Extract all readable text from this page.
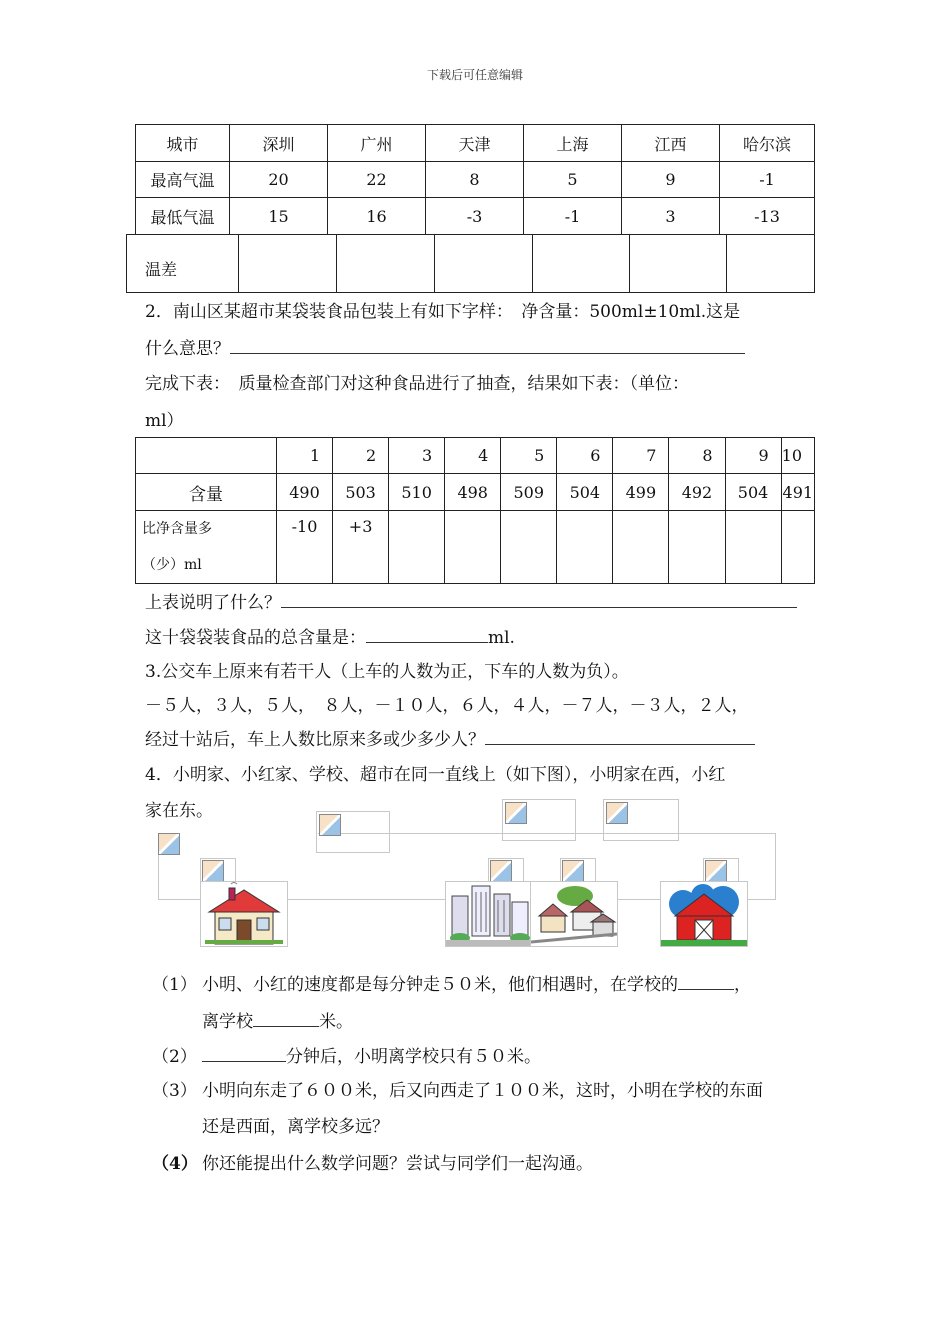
下载后可任意编辑
城市	深圳	广州	天津	上海	江西	哈尔滨
最高气温	20	22	8	5	9	-1
最低气温	15	16	-3	-1	3	-13
温差						
2．南山区某超市某袋装食品包装上有如下字样：　净含量：500ml±10ml.这是
什么意思？
完成下表：　质量检查部门对这种食品进行了抽查，结果如下表：（单位：
ml）
	1	2	3	4	5	6	7	8	9	10
含量	490	503	510	498	509	504	499	492	504	491

比净含量多
（少）ml	-10	+3								
上表说明了什么？
这十袋袋装食品的总含量是：	ml.
3.公交车上原来有若干人（上车的人数为正，下车的人数为负）。
－５人，３人，５人，　８人，－１０人，６人，４人，－７人，－３人，２人，
经过十站后，车上人数比原来多或少多少人？
4．小明家、小红家、学校、超市在同一直线上（如下图），小明家在西，小红
家在东。
（1） 小明、小红的速度都是每分钟走５０米，他们相遇时，在学校的	，
离学校	米。
（2）	分钟后，小明离学校只有５０米。
（3） 小明向东走了６００米，后又向西走了１００米，这时，小明在学校的东面
还是西面，离学校多远？
（4） 你还能提出什么数学问题？尝试与同学们一起沟通。
